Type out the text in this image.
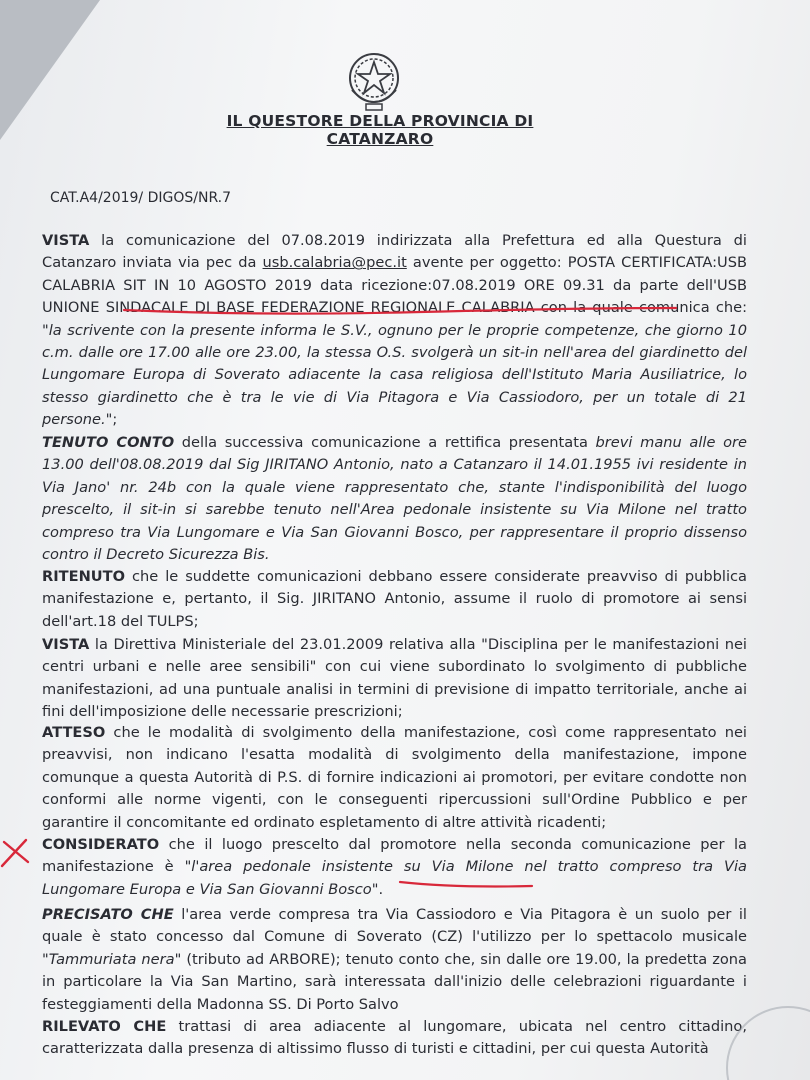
IL QUESTORE DELLA PROVINCIA DI CATANZARO
CAT.A4/2019/ DIGOS/NR.7
VISTA la comunicazione del 07.08.2019 indirizzata alla Prefettura ed alla Questura di Catanzaro inviata via pec da usb.calabria@pec.it avente per oggetto: POSTA CERTIFICATA:USB CALABRIA SIT IN 10 AGOSTO 2019 data ricezione:07.08.2019 ORE 09.31 da parte dell'USB UNIONE SINDACALE DI BASE FEDERAZIONE REGIONALE CALABRIA con la quale comunica che: "la scrivente con la presente informa le S.V., ognuno per le proprie competenze, che giorno 10 c.m. dalle ore 17.00 alle ore 23.00, la stessa O.S. svolgerà un sit-in nell'area del giardinetto del Lungomare Europa di Soverato adiacente la casa religiosa dell'Istituto Maria Ausiliatrice, lo stesso giardinetto che è tra le vie di Via Pitagora e Via Cassiodoro, per un totale di 21 persone.";
TENUTO CONTO della successiva comunicazione a rettifica presentata brevi manu alle ore 13.00 dell'08.08.2019 dal Sig JIRITANO Antonio, nato a Catanzaro il 14.01.1955 ivi residente in Via Jano' nr. 24b con la quale viene rappresentato che, stante l'indisponibilità del luogo prescelto, il sit-in si sarebbe tenuto nell'Area pedonale insistente su Via Milone nel tratto compreso tra Via Lungomare e Via San Giovanni Bosco, per rappresentare il proprio dissenso contro il Decreto Sicurezza Bis.
RITENUTO che le suddette comunicazioni debbano essere considerate preavviso di pubblica manifestazione e, pertanto, il Sig. JIRITANO Antonio, assume il ruolo di promotore ai sensi dell'art.18 del TULPS;
VISTA la Direttiva Ministeriale del 23.01.2009 relativa alla "Disciplina per le manifestazioni nei centri urbani e nelle aree sensibili" con cui viene subordinato lo svolgimento di pubbliche manifestazioni, ad una puntuale analisi in termini di previsione di impatto territoriale, anche ai fini dell'imposizione delle necessarie prescrizioni;
ATTESO che le modalità di svolgimento della manifestazione, così come rappresentato nei preavvisi, non indicano l'esatta modalità di svolgimento della manifestazione, impone comunque a questa Autorità di P.S. di fornire indicazioni ai promotori, per evitare condotte non conformi alle norme vigenti, con le conseguenti ripercussioni sull'Ordine Pubblico e per garantire il concomitante ed ordinato espletamento di altre attività ricadenti;
CONSIDERATO che il luogo prescelto dal promotore nella seconda comunicazione per la manifestazione è "l'area pedonale insistente su Via Milone nel tratto compreso tra Via Lungomare Europa e Via San Giovanni Bosco".
PRECISATO CHE l'area verde compresa tra Via Cassiodoro e Via Pitagora è un suolo per il quale è stato concesso dal Comune di Soverato (CZ) l'utilizzo per lo spettacolo musicale "Tammuriata nera" (tributo ad ARBORE); tenuto conto che, sin dalle ore 19.00, la predetta zona in particolare la Via San Martino, sarà interessata dall'inizio delle celebrazioni riguardante i festeggiamenti della Madonna SS. Di Porto Salvo
RILEVATO CHE trattasi di area adiacente al lungomare, ubicata nel centro cittadino, caratterizzata dalla presenza di altissimo flusso di turisti e cittadini, per cui questa Autorità
